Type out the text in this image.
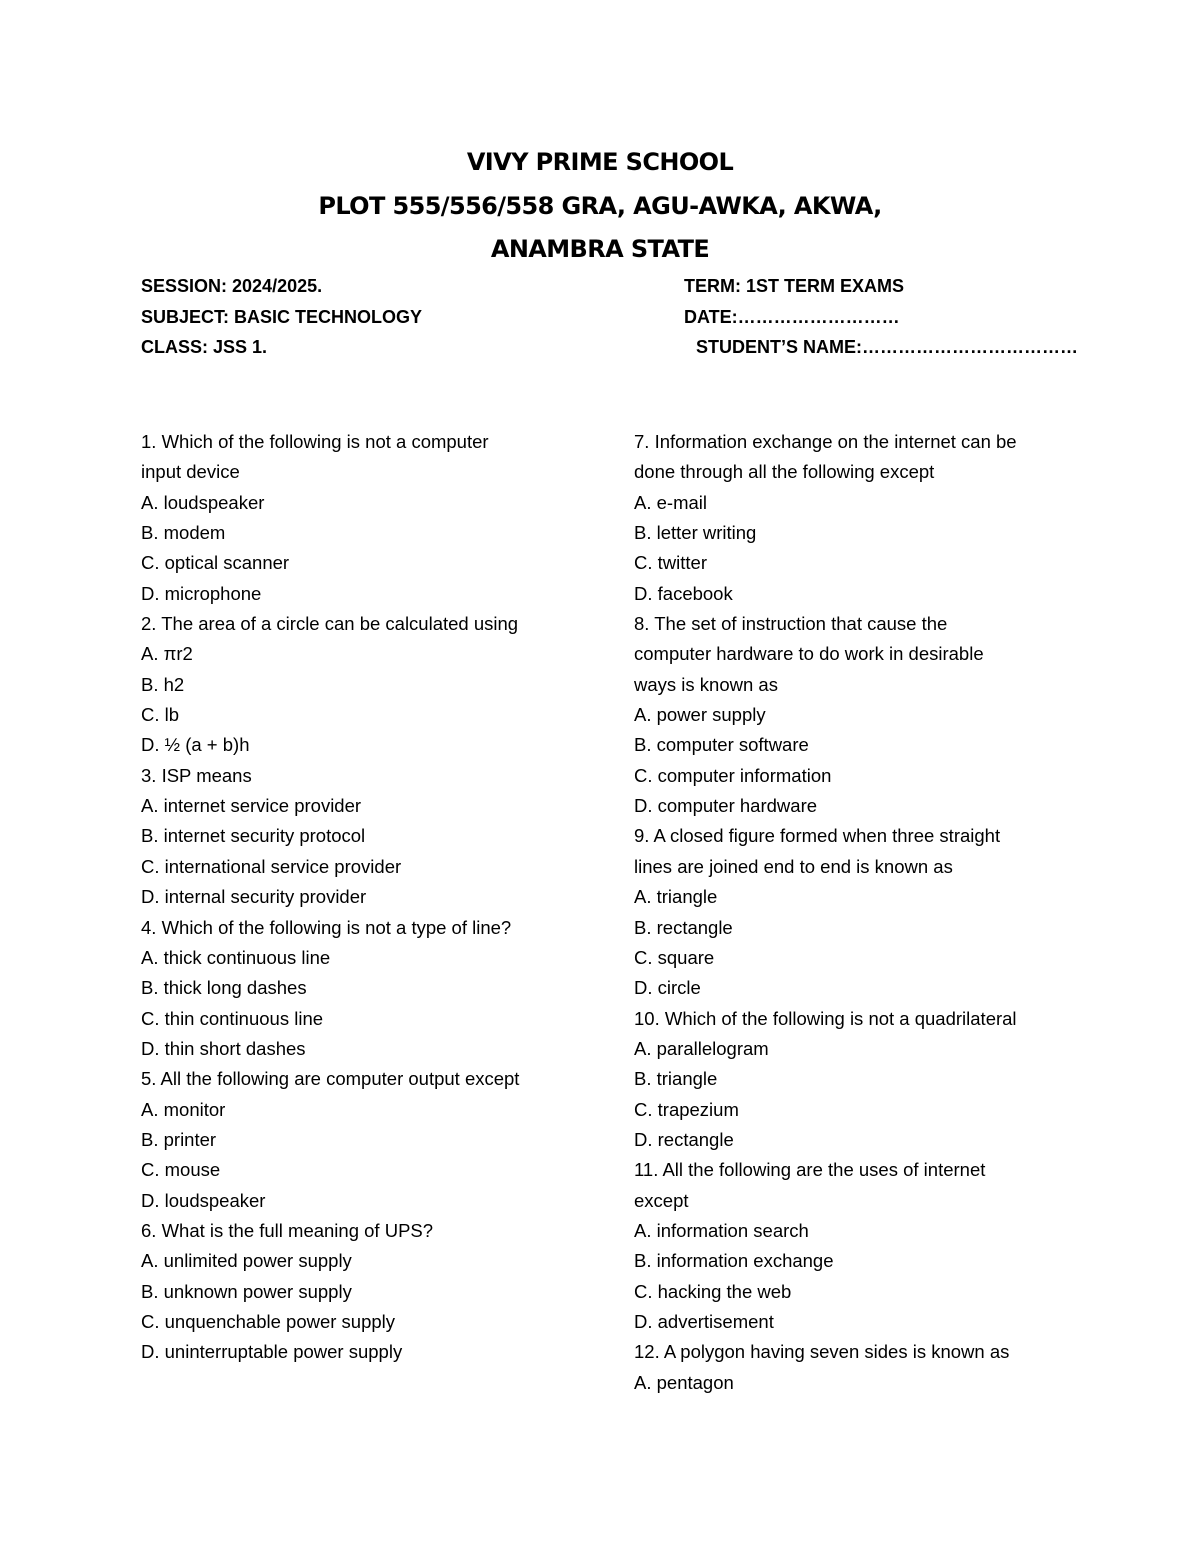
VIVY PRIME SCHOOL
PLOT 555/556/558 GRA, AGU-AWKA, AKWA,
ANAMBRA STATE
SESSION: 2024/2025.	TERM: 1ST TERM EXAMS
SUBJECT: BASIC TECHNOLOGY	DATE:………………………
CLASS: JSS 1.	STUDENT’S NAME:………………………………
1. Which of the following is not a computer
input device
A. loudspeaker
B. modem
C. optical scanner
D. microphone
2. The area of a circle can be calculated using
A. πr2
B. h2
C. lb
D. ½ (a + b)h
3. ISP means
A. internet service provider
B. internet security protocol
C. international service provider
D. internal security provider
4. Which of the following is not a type of line?
A. thick continuous line
B. thick long dashes
C. thin continuous line
D. thin short dashes
5. All the following are computer output except
A. monitor
B. printer
C. mouse
D. loudspeaker
6. What is the full meaning of UPS?
A. unlimited power supply
B. unknown power supply
C. unquenchable power supply
D. uninterruptable power supply
7. Information exchange on the internet can be
done through all the following except
A. e-mail
B. letter writing
C. twitter
D. facebook
8. The set of instruction that cause the
computer hardware to do work in desirable
ways is known as
A. power supply
B. computer software
C. computer information
D. computer hardware
9. A closed figure formed when three straight
lines are joined end to end is known as
A. triangle
B. rectangle
C. square
D. circle
10. Which of the following is not a quadrilateral
A. parallelogram
B. triangle
C. trapezium
D. rectangle
11. All the following are the uses of internet
except
A. information search
B. information exchange
C. hacking the web
D. advertisement
12. A polygon having seven sides is known as
A. pentagon
